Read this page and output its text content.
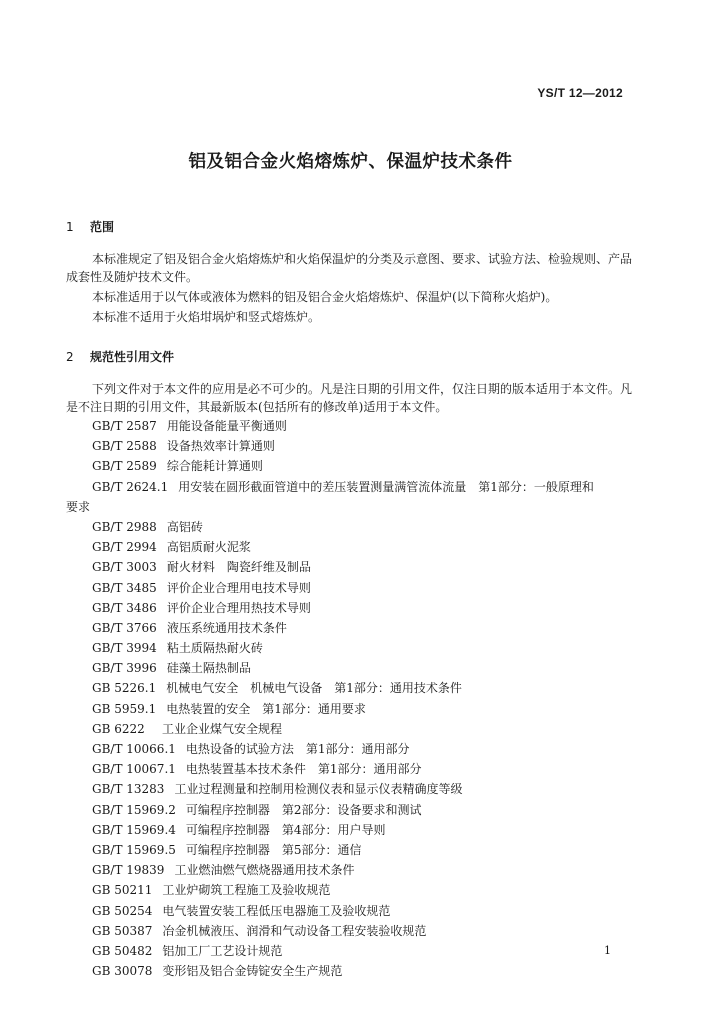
YS/T 12—2012
铝及铝合金火焰熔炼炉、保温炉技术条件
1 范围
本标准规定了铝及铝合金火焰熔炼炉和火焰保温炉的分类及示意图、要求、试验方法、检验规则、产品成套性及随炉技术文件。
本标准适用于以气体或液体为燃料的铝及铝合金火焰熔炼炉、保温炉(以下简称火焰炉)。
本标准不适用于火焰坩埚炉和竖式熔炼炉。
2 规范性引用文件
下列文件对于本文件的应用是必不可少的。凡是注日期的引用文件，仅注日期的版本适用于本文件。凡是不注日期的引用文件，其最新版本(包括所有的修改单)适用于本文件。
GB/T 2587 用能设备能量平衡通则
GB/T 2588 设备热效率计算通则
GB/T 2589 综合能耗计算通则
GB/T 2624.1 用安装在圆形截面管道中的差压装置测量满管流体流量　第1部分：一般原理和
要求
GB/T 2988 高铝砖
GB/T 2994 高铝质耐火泥浆
GB/T 3003 耐火材料　陶瓷纤维及制品
GB/T 3485 评价企业合理用电技术导则
GB/T 3486 评价企业合理用热技术导则
GB/T 3766 液压系统通用技术条件
GB/T 3994 粘土质隔热耐火砖
GB/T 3996 硅藻土隔热制品
GB 5226.1 机械电气安全　机械电气设备　第1部分：通用技术条件
GB 5959.1 电热装置的安全　第1部分：通用要求
GB 6222 工业企业煤气安全规程
GB/T 10066.1 电热设备的试验方法　第1部分：通用部分
GB/T 10067.1 电热装置基本技术条件　第1部分：通用部分
GB/T 13283 工业过程测量和控制用检测仪表和显示仪表精确度等级
GB/T 15969.2 可编程序控制器　第2部分：设备要求和测试
GB/T 15969.4 可编程序控制器　第4部分：用户导则
GB/T 15969.5 可编程序控制器　第5部分：通信
GB/T 19839 工业燃油燃气燃烧器通用技术条件
GB 50211 工业炉砌筑工程施工及验收规范
GB 50254 电气装置安装工程低压电器施工及验收规范
GB 50387 冶金机械液压、润滑和气动设备工程安装验收规范
GB 50482 铝加工厂工艺设计规范
GB 30078 变形铝及铝合金铸锭安全生产规范
1
